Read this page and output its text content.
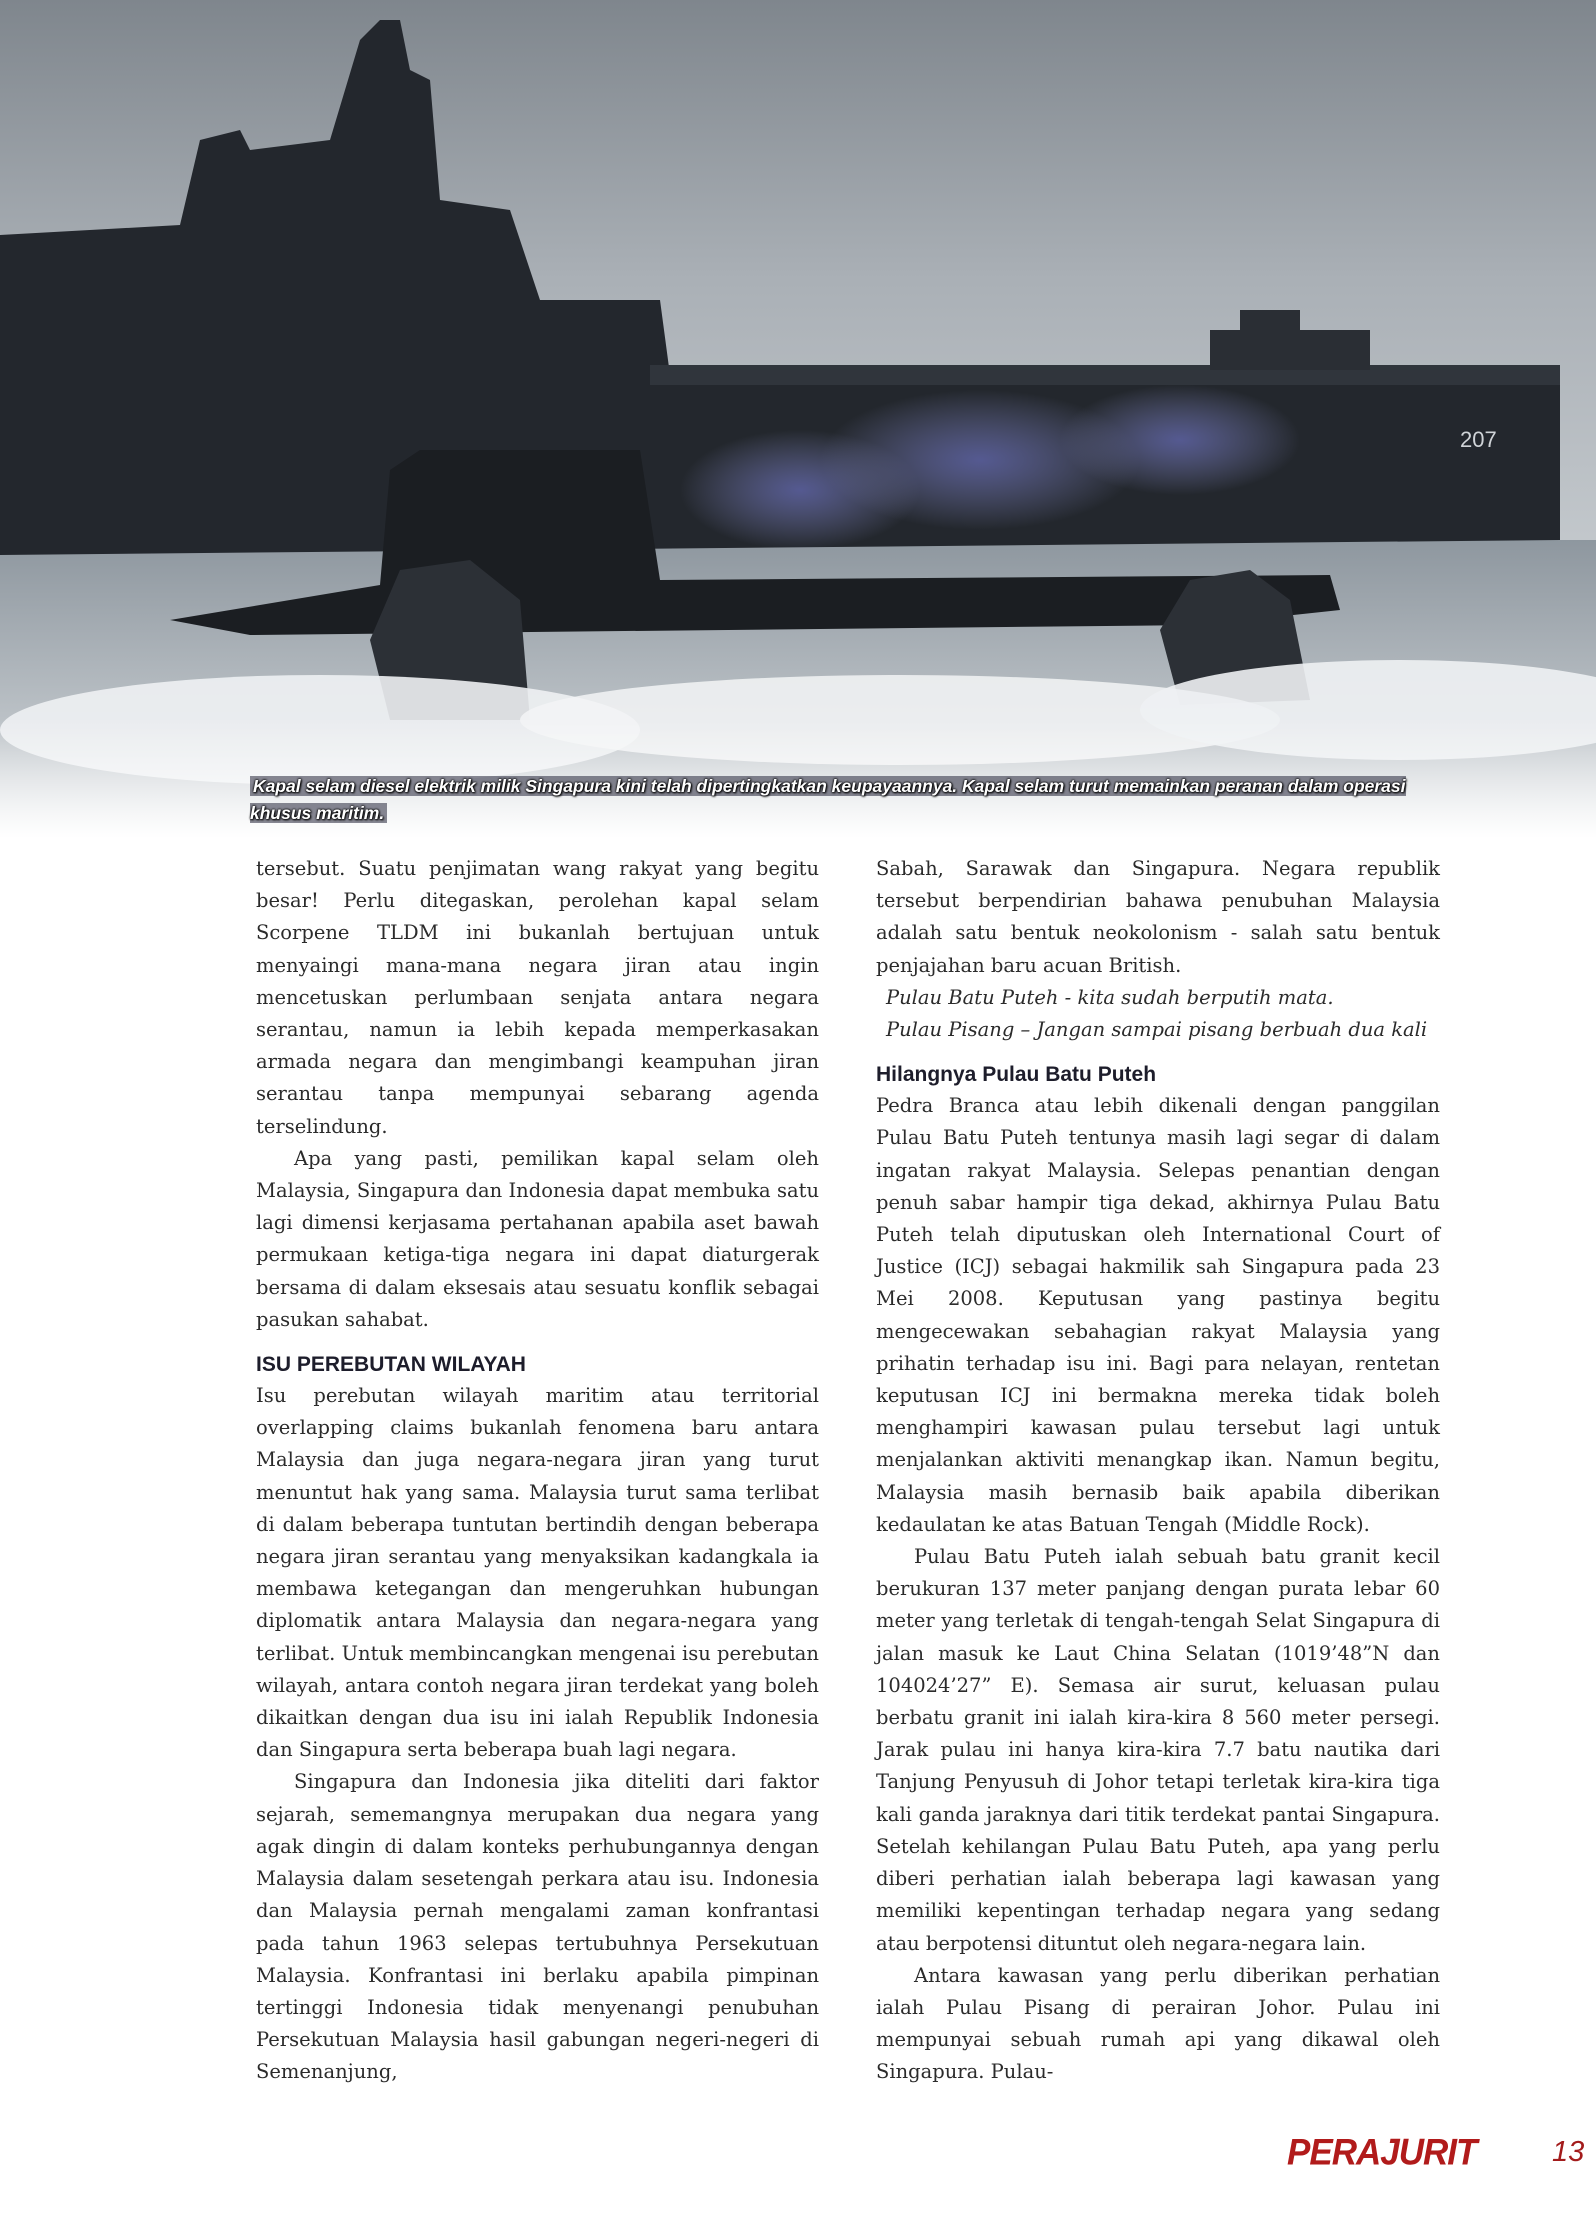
207
Kapal selam diesel elektrik milik Singapura kini telah dipertingkatkan keupayaannya. Kapal selam turut memainkan peranan dalam operasi khusus maritim.

tersebut. Suatu penjimatan wang rakyat yang begitu besar! Perlu ditegaskan, perolehan kapal selam Scorpene TLDM ini bukanlah bertujuan untuk menyaingi mana-mana negara jiran atau ingin mencetuskan perlumbaan senjata antara negara serantau, namun ia lebih kepada memperkasakan armada negara dan mengimbangi keampuhan jiran serantau tanpa mempunyai sebarang agenda terselindung.

Apa yang pasti, pemilikan kapal selam oleh Malaysia, Singapura dan Indonesia dapat membuka satu lagi dimensi kerjasama pertahanan apabila aset bawah permukaan ketiga-tiga negara ini dapat diaturgerak bersama di dalam eksesais atau sesuatu konflik sebagai pasukan sahabat.

ISU PEREBUTAN WILAYAH

Isu perebutan wilayah maritim atau territorial overlapping claims bukanlah fenomena baru antara Malaysia dan juga negara-negara jiran yang turut menuntut hak yang sama. Malaysia turut sama terlibat di dalam beberapa tuntutan bertindih dengan beberapa negara jiran serantau yang menyaksikan kadangkala ia membawa ketegangan dan mengeruhkan hubungan diplomatik antara Malaysia dan negara-negara yang terlibat. Untuk membincangkan mengenai isu perebutan wilayah, antara contoh negara jiran terdekat yang boleh dikaitkan dengan dua isu ini ialah Republik Indonesia dan Singapura serta beberapa buah lagi negara.

Singapura dan Indonesia jika diteliti dari faktor sejarah, sememangnya merupakan dua negara yang agak dingin di dalam konteks perhubungannya dengan Malaysia dalam sesetengah perkara atau isu. Indonesia dan Malaysia pernah mengalami zaman konfrantasi pada tahun 1963 selepas tertubuhnya Persekutuan Malaysia. Konfrantasi ini berlaku apabila pimpinan tertinggi Indonesia tidak menyenangi penubuhan Persekutuan Malaysia hasil gabungan negeri-negeri di Semenanjung,

Sabah, Sarawak dan Singapura. Negara republik tersebut berpendirian bahawa penubuhan Malaysia adalah satu bentuk neokolonism - salah satu bentuk penjajahan baru acuan British.

Pulau Batu Puteh - kita sudah berputih mata.

Pulau Pisang – Jangan sampai pisang berbuah dua kali

Hilangnya Pulau Batu Puteh

Pedra Branca atau lebih dikenali dengan panggilan Pulau Batu Puteh tentunya masih lagi segar di dalam ingatan rakyat Malaysia. Selepas penantian dengan penuh sabar hampir tiga dekad, akhirnya Pulau Batu Puteh telah diputuskan oleh International Court of Justice (ICJ) sebagai hakmilik sah Singapura pada 23 Mei 2008. Keputusan yang pastinya begitu mengecewakan sebahagian rakyat Malaysia yang prihatin terhadap isu ini. Bagi para nelayan, rentetan keputusan ICJ ini bermakna mereka tidak boleh menghampiri kawasan pulau tersebut lagi untuk menjalankan aktiviti menangkap ikan. Namun begitu, Malaysia masih bernasib baik apabila diberikan kedaulatan ke atas Batuan Tengah (Middle Rock).

Pulau Batu Puteh ialah sebuah batu granit kecil berukuran 137 meter panjang dengan purata lebar 60 meter yang terletak di tengah-tengah Selat Singapura di jalan masuk ke Laut China Selatan (1019’48”N dan 104024’27” E). Semasa air surut, keluasan pulau berbatu granit ini ialah kira-kira 8 560 meter persegi. Jarak pulau ini hanya kira-kira 7.7 batu nautika dari Tanjung Penyusuh di Johor tetapi terletak kira-kira tiga kali ganda jaraknya dari titik terdekat pantai Singapura. Setelah kehilangan Pulau Batu Puteh, apa yang perlu diberi perhatian ialah beberapa lagi kawasan yang memiliki kepentingan terhadap negara yang sedang atau berpotensi dituntut oleh negara-negara lain.

Antara kawasan yang perlu diberikan perhatian ialah Pulau Pisang di perairan Johor. Pulau ini mempunyai sebuah rumah api yang dikawal oleh Singapura. Pulau-

PERAJURIT	13
